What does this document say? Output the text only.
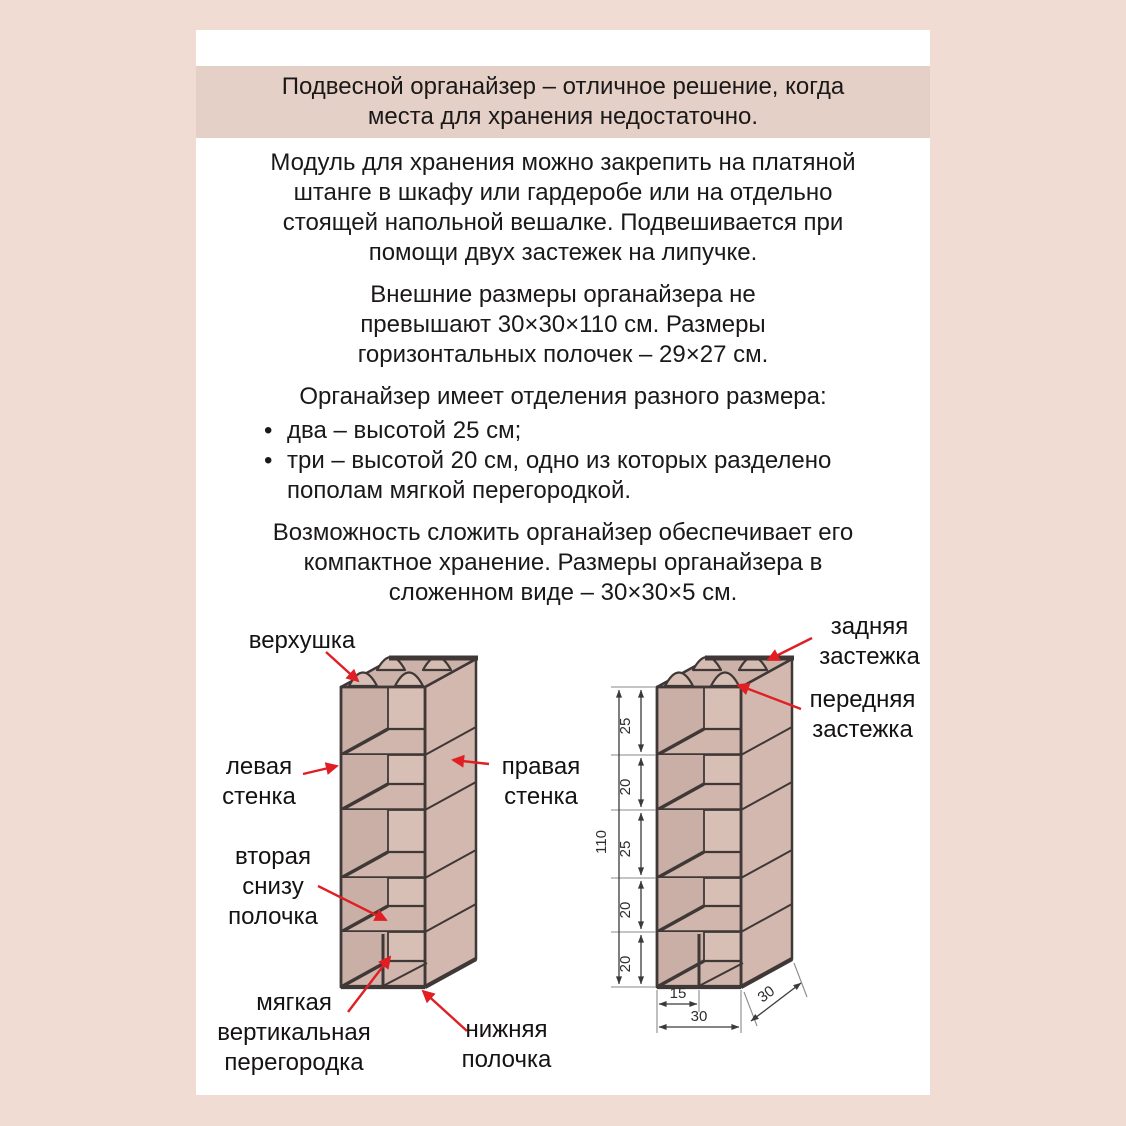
Подвесной органайзер – отличное решение, когда места для хранения недостаточно.
Модуль для хранения можно закрепить на платяной штанге в шкафу или гардеробе или на отдельно стоящей напольной вешалке. Подвешивается при помощи двух застежек на липучке.
Внешние размеры органайзера не превышают 30×30×110 см. Размеры горизонтальных полочек – 29×27 см.
Органайзер имеет отделения разного размера:
• два – высотой 25 см;
• три – высотой 20 см, одно из которых разделено пополам мягкой перегородкой.
Возможность сложить органайзер обеспечивает его компактное хранение. Размеры органайзера в сложенном виде – 30×30×5 см.
110
25
20
25
20
20
15
30
30
верхушка
левая стенка
правая стенка
вторая снизу полочка
мягкая вертикальная перегородка
нижняя полочка
задняя застежка
передняя застежка
